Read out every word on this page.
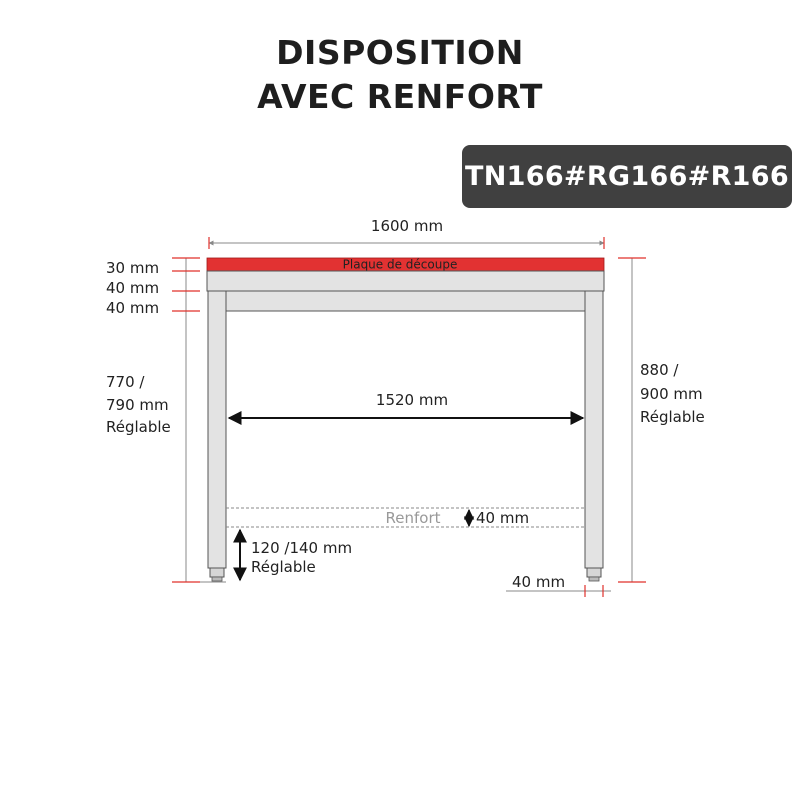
DISPOSITION
AVEC RENFORT
TN166#RG166#R166
1600 mm
Plaque de découpe
Renfort 40 mm
1520 mm
30 mm
40 mm
40 mm
770 /
790 mm
Réglable
880 /
900 mm
Réglable
120 /140 mm
Réglable
40 mm
